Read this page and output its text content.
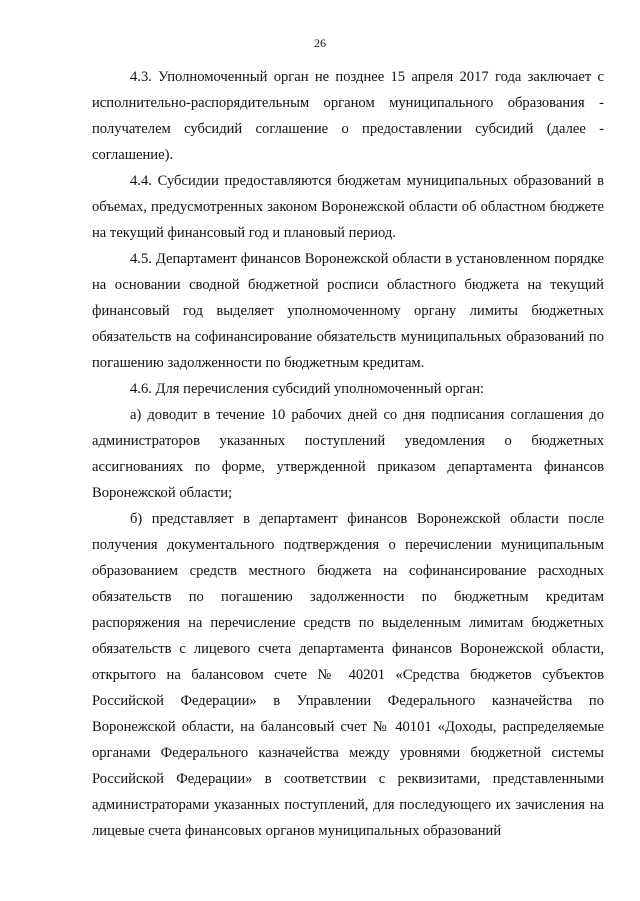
26

4.3. Уполномоченный орган не позднее 15 апреля 2017 года заключает с исполнительно-распорядительным органом муниципального образования - получателем субсидий соглашение о предоставлении субсидий (далее - соглашение).

4.4. Субсидии предоставляются бюджетам муниципальных образований в объемах, предусмотренных законом Воронежской области об областном бюджете на текущий финансовый год и плановый период.

4.5. Департамент финансов Воронежской области в установленном порядке на основании сводной бюджетной росписи областного бюджета на текущий финансовый год выделяет уполномоченному органу лимиты бюджетных обязательств на софинансирование обязательств муниципальных образований по погашению задолженности по бюджетным кредитам.

4.6. Для перечисления субсидий уполномоченный орган:

а) доводит в течение 10 рабочих дней со дня подписания соглашения до администраторов указанных поступлений уведомления о бюджетных ассигнованиях по форме, утвержденной приказом департамента финансов Воронежской области;

б) представляет в департамент финансов Воронежской области после получения документального подтверждения о перечислении муниципальным образованием средств местного бюджета на софинансирование расходных обязательств по погашению задолженности по бюджетным кредитам распоряжения на перечисление средств по выделенным лимитам бюджетных обязательств с лицевого счета департамента финансов Воронежской области, открытого на балансовом счете № 40201 «Средства бюджетов субъектов Российской Федерации» в Управлении Федерального казначейства по Воронежской области, на балансовый счет № 40101 «Доходы, распределяемые органами Федерального казначейства между уровнями бюджетной системы Российской Федерации» в соответствии с реквизитами, представленными администраторами указанных поступлений, для последующего их зачисления на лицевые счета финансовых органов муниципальных образований
